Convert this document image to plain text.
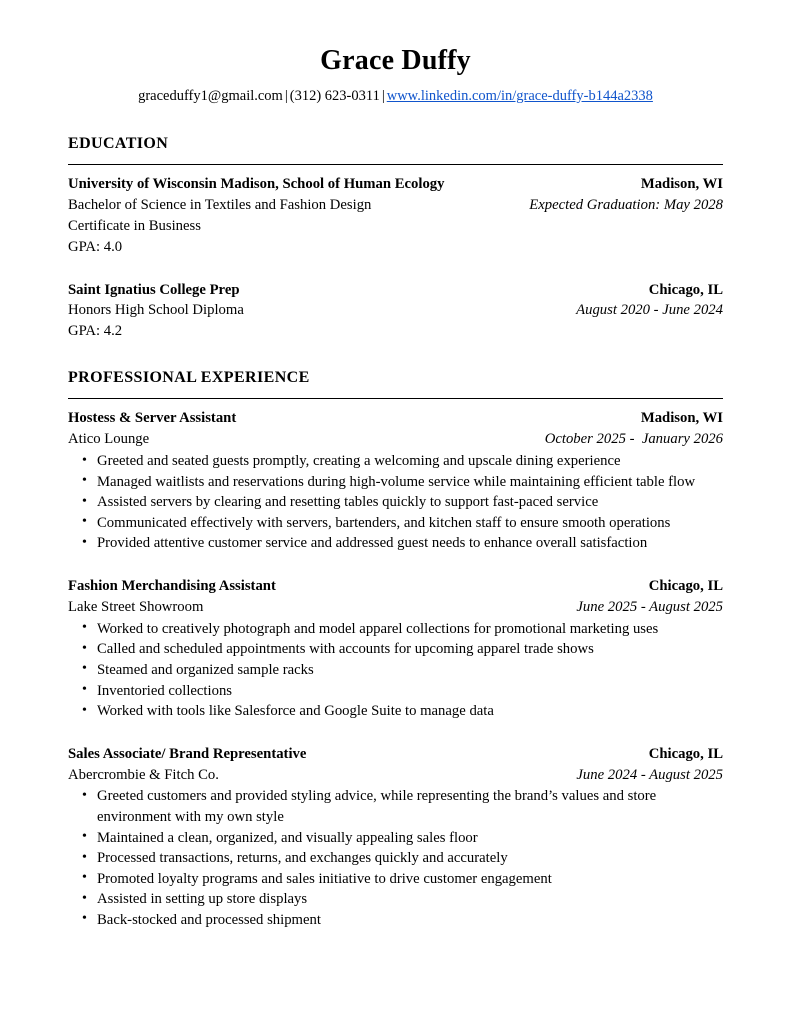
Grace Duffy
graceduffy1@gmail.com | (312) 623-0311 | www.linkedin.com/in/grace-duffy-b144a2338
EDUCATION
University of Wisconsin Madison, School of Human Ecology	Madison, WI
Bachelor of Science in Textiles and Fashion Design	Expected Graduation: May 2028
Certificate in Business
GPA: 4.0
Saint Ignatius College Prep	Chicago, IL
Honors High School Diploma	August 2020 - June 2024
GPA: 4.2
PROFESSIONAL EXPERIENCE
Hostess & Server Assistant	Madison, WI
Atico Lounge	October 2025 -  January 2026
• Greeted and seated guests promptly, creating a welcoming and upscale dining experience
• Managed waitlists and reservations during high-volume service while maintaining efficient table flow
• Assisted servers by clearing and resetting tables quickly to support fast-paced service
• Communicated effectively with servers, bartenders, and kitchen staff to ensure smooth operations
• Provided attentive customer service and addressed guest needs to enhance overall satisfaction
Fashion Merchandising Assistant	Chicago, IL
Lake Street Showroom	June 2025 - August 2025
• Worked to creatively photograph and model apparel collections for promotional marketing uses
• Called and scheduled appointments with accounts for upcoming apparel trade shows
• Steamed and organized sample racks
• Inventoried collections
• Worked with tools like Salesforce and Google Suite to manage data
Sales Associate/ Brand Representative	Chicago, IL
Abercrombie & Fitch Co.	June 2024 - August 2025
• Greeted customers and provided styling advice, while representing the brand’s values and store environment with my own style
• Maintained a clean, organized, and visually appealing sales floor
• Processed transactions, returns, and exchanges quickly and accurately
• Promoted loyalty programs and sales initiative to drive customer engagement
• Assisted in setting up store displays
• Back-stocked and processed shipment
